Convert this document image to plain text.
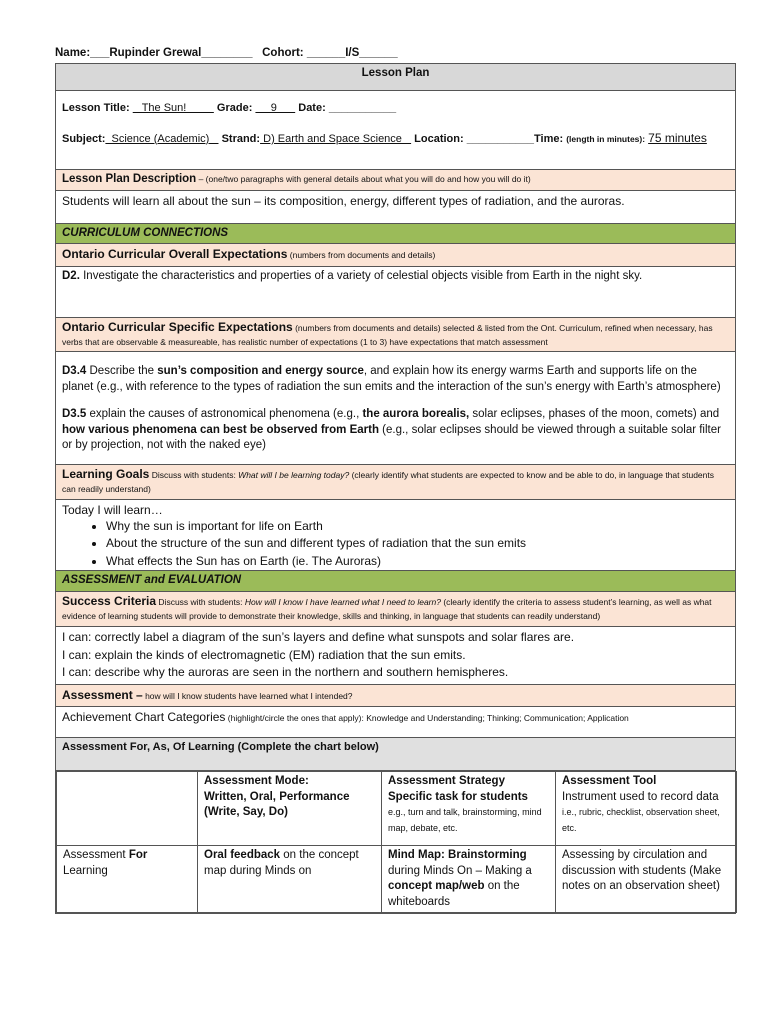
Name:___Rupinder Grewal________ Cohort: ______I/S______
Lesson Plan

Lesson Title:    The Sun!          Grade:      9       Date: ___________
Subject:  Science (Academic)    Strand: D) Earth and Space Science    Location: ___________Time: (length in minutes): 75 minutes

Lesson Plan Description – (one/two paragraphs with general details about what you will do and how you will do it)
Students will learn all about the sun – its composition, energy, different types of radiation, and the auroras.
CURRICULUM CONNECTIONS
Ontario Curricular Overall Expectations (numbers from documents and details)
D2. Investigate the characteristics and properties of a variety of celestial objects visible from Earth in the night sky.
Ontario Curricular Specific Expectations (numbers from documents and details) selected & listed from the Ont. Curriculum, refined when necessary, has verbs that are observable & measureable, has realistic number of expectations (1 to 3) have expectations that match assessment

D3.4 Describe the sun’s composition and energy source, and explain how its energy warms Earth and supports life on the planet (e.g., with reference to the types of radiation the sun emits and the interaction of the sun’s energy with Earth’s atmosphere)

D3.5 explain the causes of astronomical phenomena (e.g., the aurora borealis, solar eclipses, phases of the moon, comets) and how various phenomena can best be observed from Earth (e.g., solar eclipses should be viewed through a suitable solar filter or by projection, not with the naked eye)

Learning Goals Discuss with students: What will I be learning today? (clearly identify what students are expected to know and be able to do, in language that students can readily understand)

Today I will learn…
• Why the sun is important for life on Earth
• About the structure of the sun and different types of radiation that the sun emits
• What effects the Sun has on Earth (ie. The Auroras)

ASSESSMENT and EVALUATION
Success Criteria Discuss with students: How will I know I have learned what I need to learn? (clearly identify the criteria to assess student’s learning, as well as what evidence of learning students will provide to demonstrate their knowledge, skills and thinking, in language that students can readily understand)

I can: correctly label a diagram of the sun’s layers and define what sunspots and solar flares are.
I can: explain the kinds of electromagnetic (EM) radiation that the sun emits.
I can: describe why the auroras are seen in the northern and southern hemispheres.

Assessment – how will I know students have learned what I intended?
Achievement Chart Categories (highlight/circle the ones that apply): Knowledge and Understanding; Thinking; Communication; Application
Assessment For, As, Of Learning (Complete the chart below)

	Assessment Mode:
Written, Oral, Performance
(Write, Say, Do)	Assessment Strategy
Specific task for students
e.g., turn and talk, brainstorming, mind map, debate, etc.	Assessment Tool
Instrument used to record data
i.e., rubric, checklist, observation sheet, etc.
Assessment For Learning	Oral feedback on the concept map during Minds on	Mind Map: Brainstorming during Minds On – Making a concept map/web on the whiteboards	Assessing by circulation and discussion with students (Make notes on an observation sheet)
